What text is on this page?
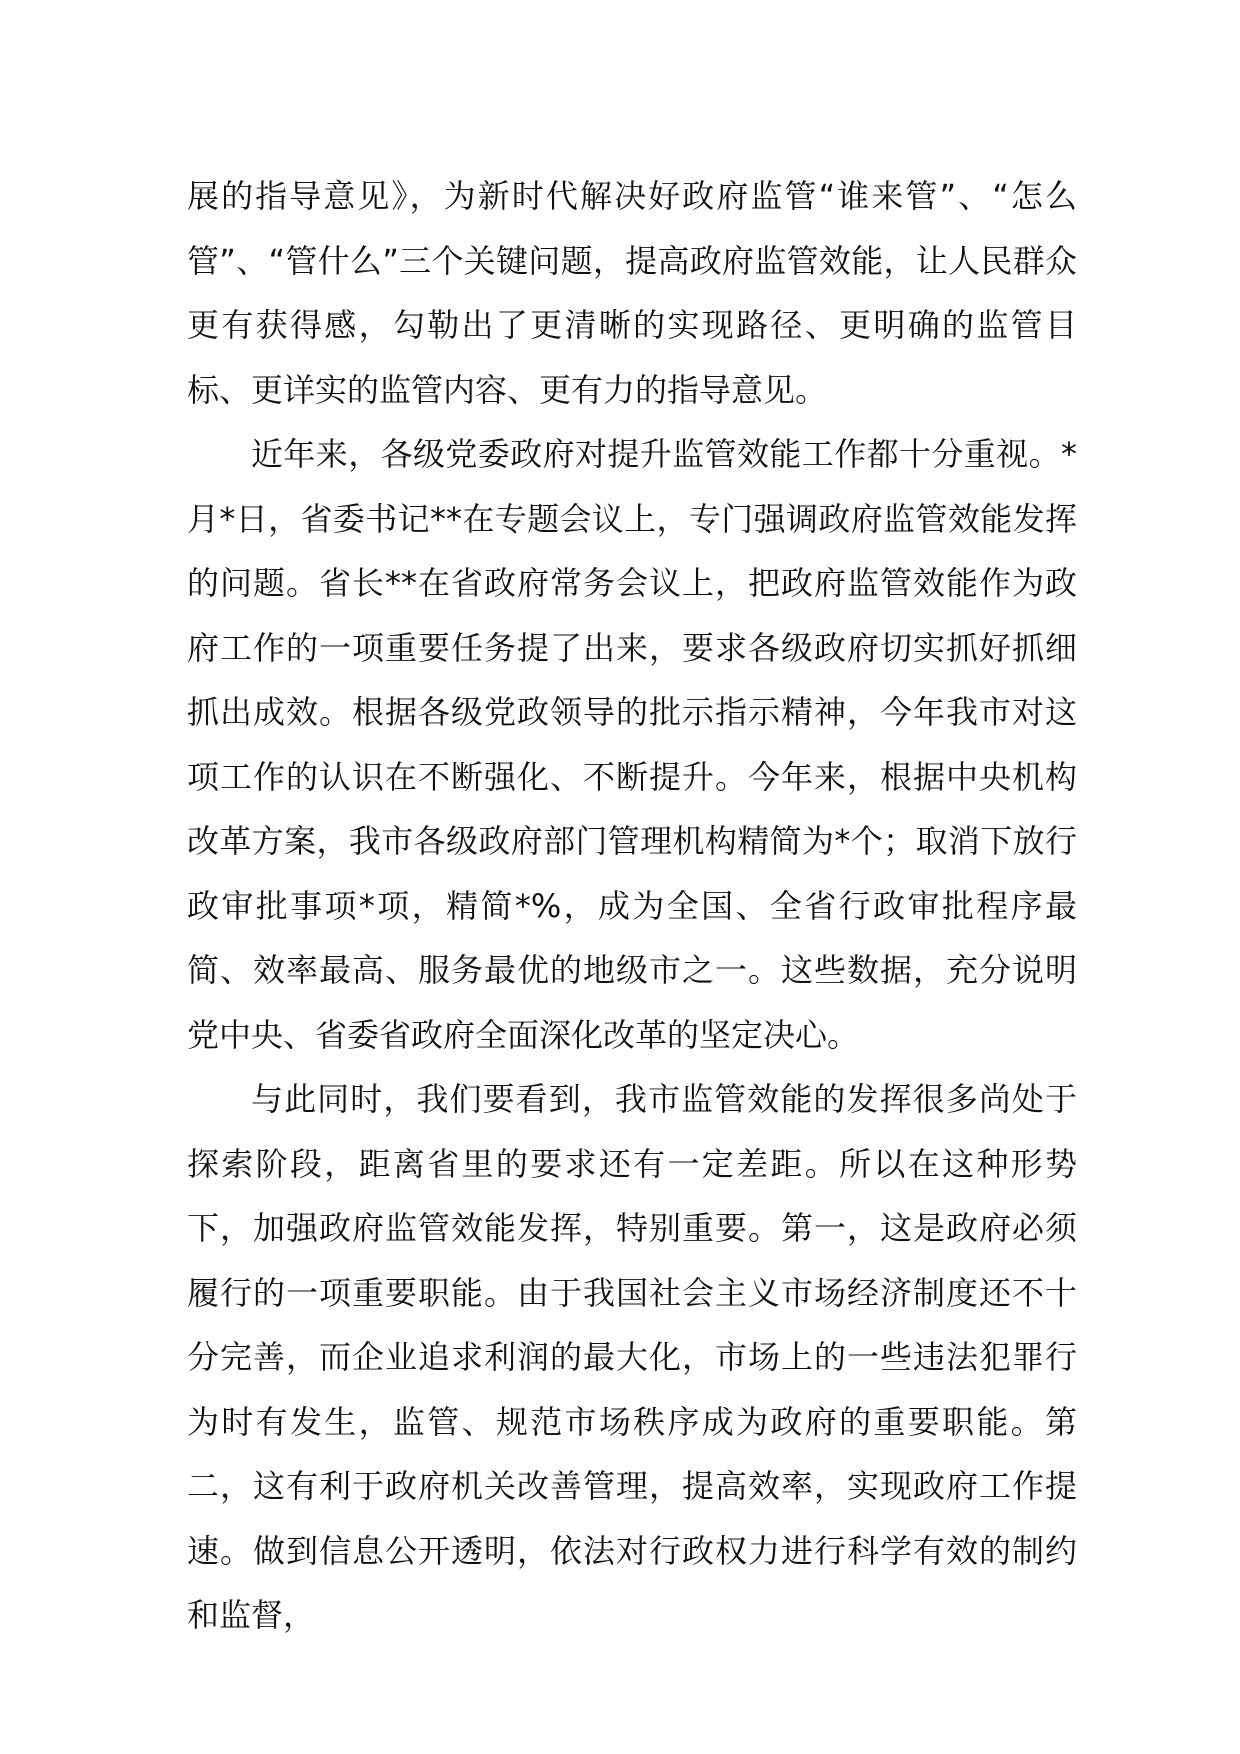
展的指导意见》，为新时代解决好政府监管“谁来管”、“怎么管”、“管什么”三个关键问题，提高政府监管效能，让人民群众更有获得感，勾勒出了更清晰的实现路径、更明确的监管目标、更详实的监管内容、更有力的指导意见。

近年来，各级党委政府对提升监管效能工作都十分重视。*月*日，省委书记**在专题会议上，专门强调政府监管效能发挥的问题。省长**在省政府常务会议上，把政府监管效能作为政府工作的一项重要任务提了出来，要求各级政府切实抓好抓细抓出成效。根据各级党政领导的批示指示精神，今年我市对这项工作的认识在不断强化、不断提升。今年来，根据中央机构改革方案，我市各级政府部门管理机构精简为*个；取消下放行政审批事项*项，精简*%，成为全国、全省行政审批程序最简、效率最高、服务最优的地级市之一。这些数据，充分说明党中央、省委省政府全面深化改革的坚定决心。

与此同时，我们要看到，我市监管效能的发挥很多尚处于探索阶段，距离省里的要求还有一定差距。所以在这种形势下，加强政府监管效能发挥，特别重要。第一，这是政府必须履行的一项重要职能。由于我国社会主义市场经济制度还不十分完善，而企业追求利润的最大化，市场上的一些违法犯罪行为时有发生，监管、规范市场秩序成为政府的重要职能。第二，这有利于政府机关改善管理，提高效率，实现政府工作提速。做到信息公开透明，依法对行政权力进行科学有效的制约和监督，
